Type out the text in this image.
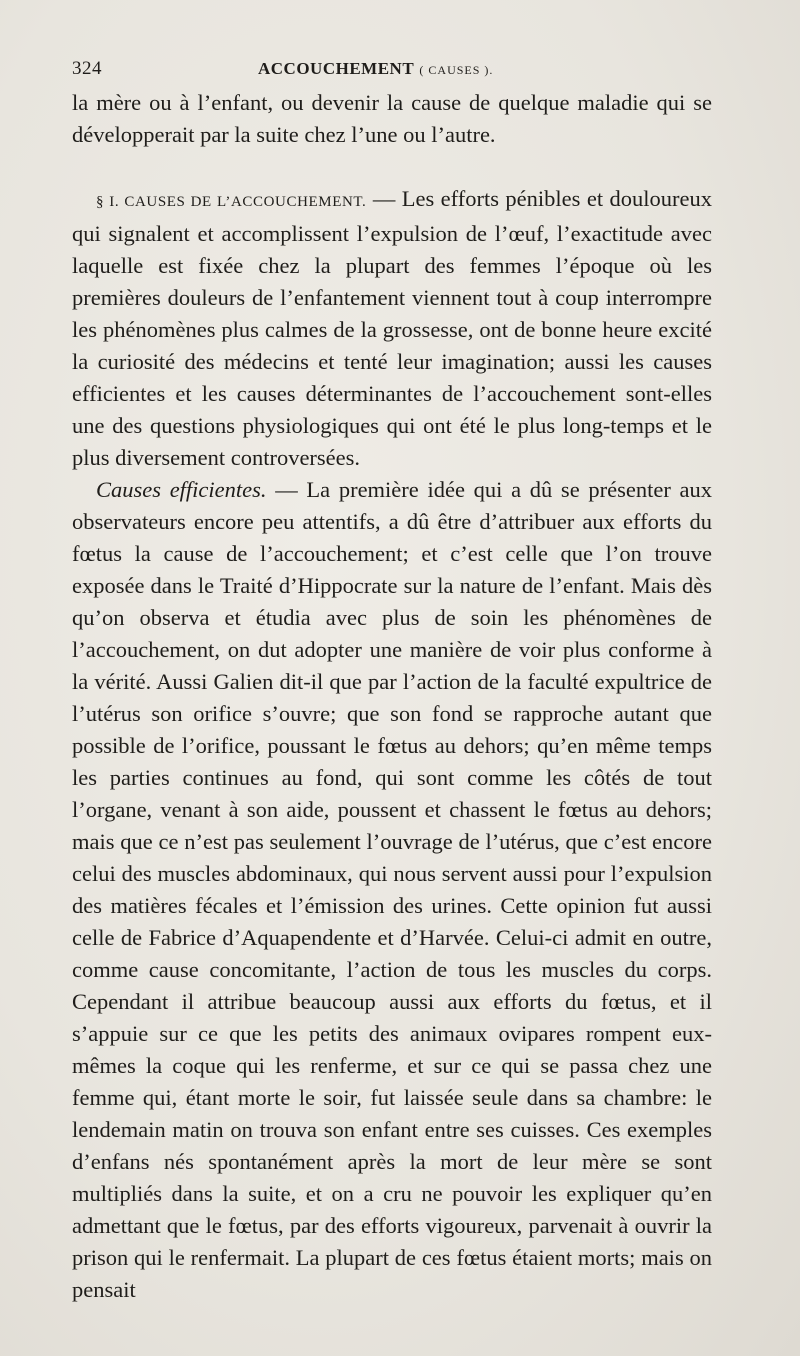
324	ACCOUCHEMENT ( CAUSES ).

la mère ou à l’enfant, ou devenir la cause de quelque maladie qui se développerait par la suite chez l’une ou l’autre.

§ I. CAUSES DE L’ACCOUCHEMENT. — Les efforts pénibles et douloureux qui signalent et accomplissent l’expulsion de l’œuf, l’exactitude avec laquelle est fixée chez la plupart des femmes l’époque où les premières douleurs de l’enfantement viennent tout à coup interrompre les phénomènes plus calmes de la grossesse, ont de bonne heure excité la curiosité des médecins et tenté leur imagination; aussi les causes efficientes et les causes déterminantes de l’accouchement sont-elles une des questions physiologiques qui ont été le plus long-temps et le plus diversement controversées.

Causes efficientes. — La première idée qui a dû se présenter aux observateurs encore peu attentifs, a dû être d’attribuer aux efforts du fœtus la cause de l’accouchement; et c’est celle que l’on trouve exposée dans le Traité d’Hippocrate sur la nature de l’enfant. Mais dès qu’on observa et étudia avec plus de soin les phénomènes de l’accouchement, on dut adopter une manière de voir plus conforme à la vérité. Aussi Galien dit-il que par l’action de la faculté expultrice de l’utérus son orifice s’ouvre; que son fond se rapproche autant que possible de l’orifice, poussant le fœtus au dehors; qu’en même temps les parties continues au fond, qui sont comme les côtés de tout l’organe, venant à son aide, poussent et chassent le fœtus au dehors; mais que ce n’est pas seulement l’ouvrage de l’utérus, que c’est encore celui des muscles abdominaux, qui nous servent aussi pour l’expulsion des matières fécales et l’émission des urines. Cette opinion fut aussi celle de Fabrice d’Aquapendente et d’Harvée. Celui-ci admit en outre, comme cause concomitante, l’action de tous les muscles du corps. Cependant il attribue beaucoup aussi aux efforts du fœtus, et il s’appuie sur ce que les petits des animaux ovipares rompent eux-mêmes la coque qui les renferme, et sur ce qui se passa chez une femme qui, étant morte le soir, fut laissée seule dans sa chambre: le lendemain matin on trouva son enfant entre ses cuisses. Ces exemples d’enfans nés spontanément après la mort de leur mère se sont multipliés dans la suite, et on a cru ne pouvoir les expliquer qu’en admettant que le fœtus, par des efforts vigoureux, parvenait à ouvrir la prison qui le renfermait. La plupart de ces fœtus étaient morts; mais on pensait
